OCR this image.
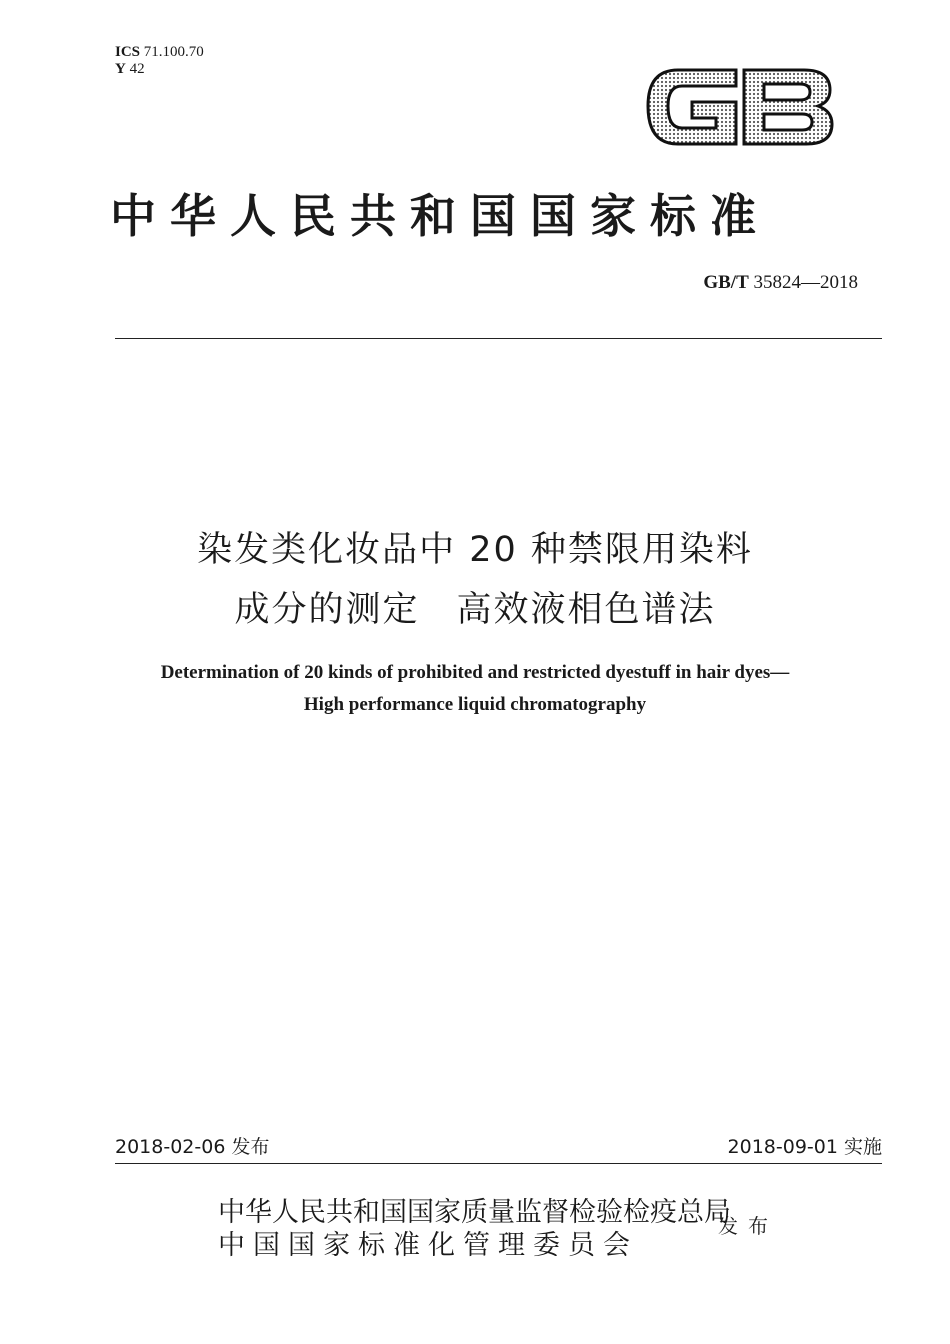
ICS 71.100.70
Y 42
中华人民共和国国家标准
GB/T 35824—2018
染发类化妆品中 20 种禁限用染料
成分的测定　高效液相色谱法
Determination of 20 kinds of prohibited and restricted dyestuff in hair dyes—
High performance liquid chromatography
2018-02-06 发布	2018-09-01 实施
中华人民共和国国家质量监督检验检疫总局
中国国家标准化管理委员会
发布
